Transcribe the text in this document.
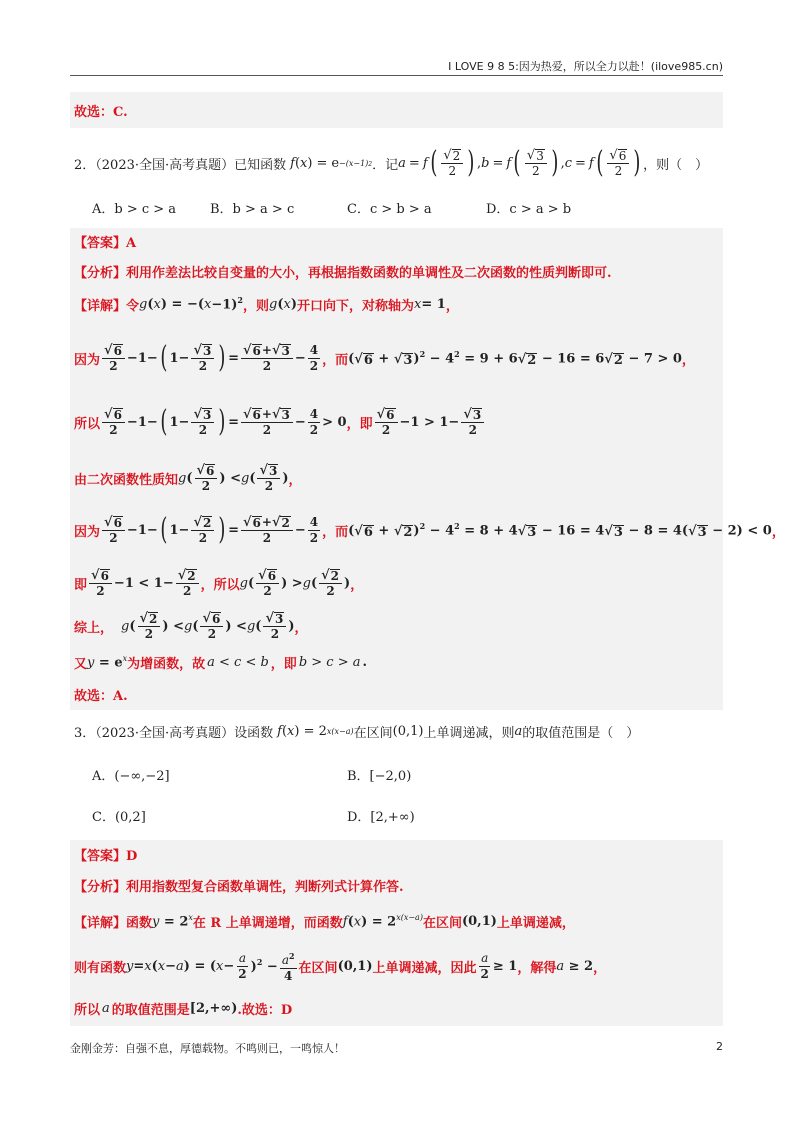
I LOVE 9 8 5:因为热爱，所以全力以赴！(ilove985.cn)
故选：C.
2．（2023·全国·高考真题）已知函数 f ( x ) = e −(x−1)2 ．记 a = f ( $\frac{√ 2}{2}$ ) , b = f ( $\frac{√ 3}{2}$ ) , c = f ( $\frac{√ 6}{2}$ ) ，则（　）
A．b > c > a	B．b > a > c	C．c > b > a	D．c > a > b
【答案】A
【分析】利用作差法比较自变量的大小，再根据指数函数的单调性及二次函数的性质判断即可.
【详解】令 g ( x ) = −( x −1)$^2$ ，则 g ( x ) 开口向下，对称轴为 x = 1 ，
因为 $\frac{√ 6}{2} -1-$ ( $1- \frac{√ 3}{2}$ ) = $\frac{√ 6 + √ 3}{2} - \frac{4}{2}$ ，而 ( √ 6 + √ 3 )$^2 - 4^2 = 9 + 6$ √ 2 − 16 = 6 √ 2 − 7 > 0 ，
所以 $\frac{√ 6}{2} -1-$ ( $1- \frac{√ 3}{2}$ ) = $\frac{√ 6 + √ 3}{2} - \frac{4}{2} > 0$ ，即 $\frac{√ 6}{2} -1 > 1- \frac{√ 3}{2}$
由二次函数性质知 g ( $\frac{√ 6}{2}$ ) < g ( $\frac{√ 3}{2}$ ) ，
因为 $\frac{√ 6}{2} -1-$ ( $1- \frac{√ 2}{2}$ ) = $\frac{√ 6 + √ 2}{2} - \frac{4}{2}$ ，而 ( √ 6 + √ 2 )$^2 - 4^2 = 8 + 4$ √ 3 − 16 = 4 √ 3 − 8 = 4( √ 3 − 2) < 0 ，
即 $\frac{√ 6}{2} -1 < 1- \frac{√ 2}{2}$ ，所以 g ( $\frac{√ 6}{2}$ ) > g ( $\frac{√ 2}{2}$ ) ，
综上， g ( $\frac{√ 2}{2}$ ) < g ( $\frac{√ 6}{2}$ ) < g ( $\frac{√ 3}{2}$ ) ，
又 $y = e^x$ 为增函数，故 a < c < b ，即 b > c > a .
故选：A.
3．（2023·全国·高考真题）设函数 f ( x ) = 2 x(x−a) 在区间 (0,1) 上单调递减，则 a 的取值范围是（　）
A．(−∞,−2]	B．[−2,0)
C．(0,2]	D．[2,+∞)
【答案】D
【分析】利用指数型复合函数单调性，判断列式计算作答.
【详解】函数 $y = 2^x$ 在 R 上单调递增，而函数 $f(x) = 2^{x(x-a)}$ 在区间 (0,1) 上单调递减，
则有函数 y = x ( x − a ) = ( $x - \frac{a}{2} )^2 - \frac{a^2}{4}$ 在区间 (0,1) 上单调递减，因此 $\frac{a}{2} \ge 1$ ，解得 a ≥ 2 ，
所以 a 的取值范围是 [2,+∞) .故选：D
金刚金芳：自强不息，厚德载物。不鸣则已，一鸣惊人！	2
